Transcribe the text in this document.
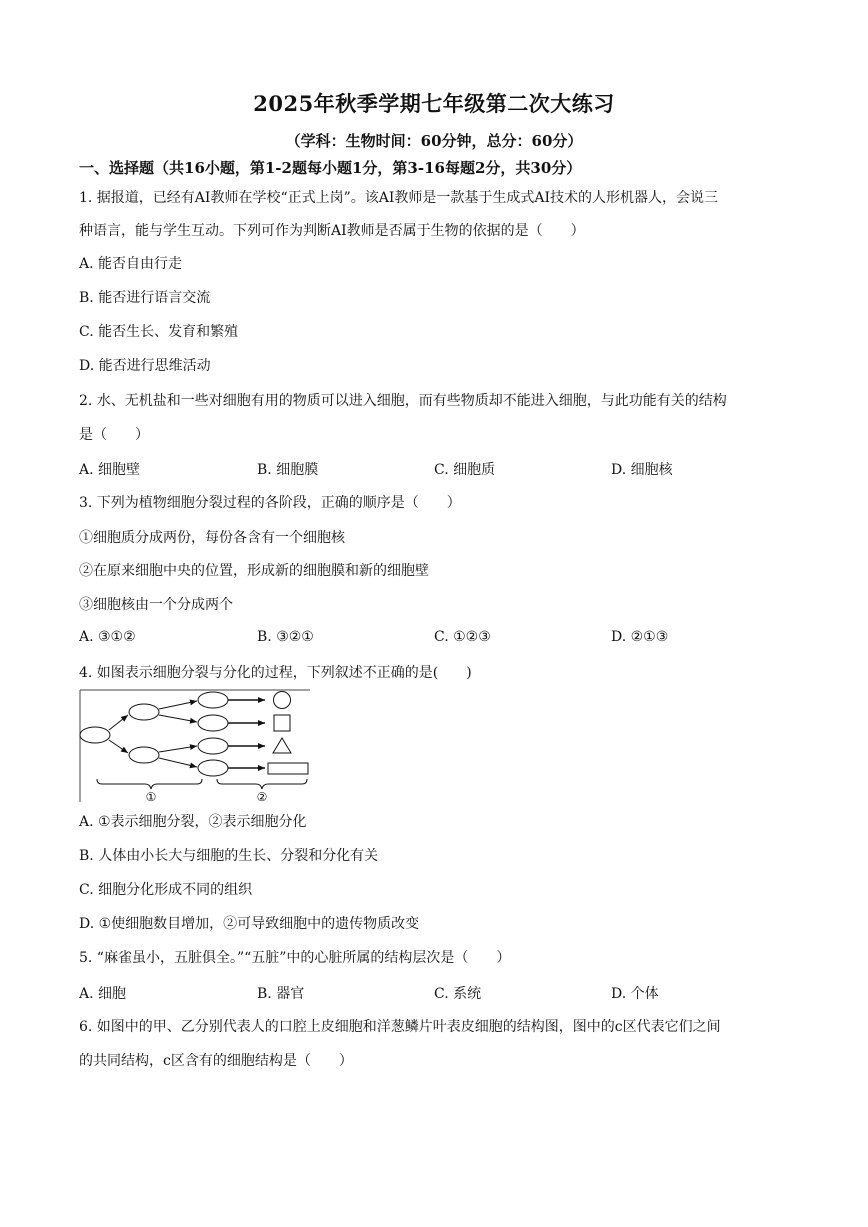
2025年秋季学期七年级第二次大练习
（学科：生物时间：60分钟，总分：60分）
一、选择题（共16小题，第1-2题每小题1分，第3-16每题2分，共30分）
1. 据报道，已经有AI教师在学校“正式上岗”。该AI教师是一款基于生成式AI技术的人形机器人，会说三
种语言，能与学生互动。下列可作为判断AI教师是否属于生物的依据的是（　　）
A. 能否自由行走
B. 能否进行语言交流
C. 能否生长、发育和繁殖
D. 能否进行思维活动
2. 水、无机盐和一些对细胞有用的物质可以进入细胞，而有些物质却不能进入细胞，与此功能有关的结构
是（　　）
A. 细胞壁	B. 细胞膜	C. 细胞质	D. 细胞核
3. 下列为植物细胞分裂过程的各阶段，正确的顺序是（　　）
①细胞质分成两份，每份各含有一个细胞核
②在原来细胞中央的位置，形成新的细胞膜和新的细胞壁
③细胞核由一个分成两个
A. ③①②	B. ③②①	C. ①②③	D. ②①③
4. 如图表示细胞分裂与分化的过程，下列叙述不正确的是(　　)
①	②
A. ①表示细胞分裂，②表示细胞分化
B. 人体由小长大与细胞的生长、分裂和分化有关
C. 细胞分化形成不同的组织
D. ①使细胞数目增加，②可导致细胞中的遗传物质改变
5. “麻雀虽小，五脏俱全。”“五脏”中的心脏所属的结构层次是（　　）
A. 细胞	B. 器官	C. 系统	D. 个体
6. 如图中的甲、乙分别代表人的口腔上皮细胞和洋葱鳞片叶表皮细胞的结构图，图中的c区代表它们之间
的共同结构，c区含有的细胞结构是（　　）
